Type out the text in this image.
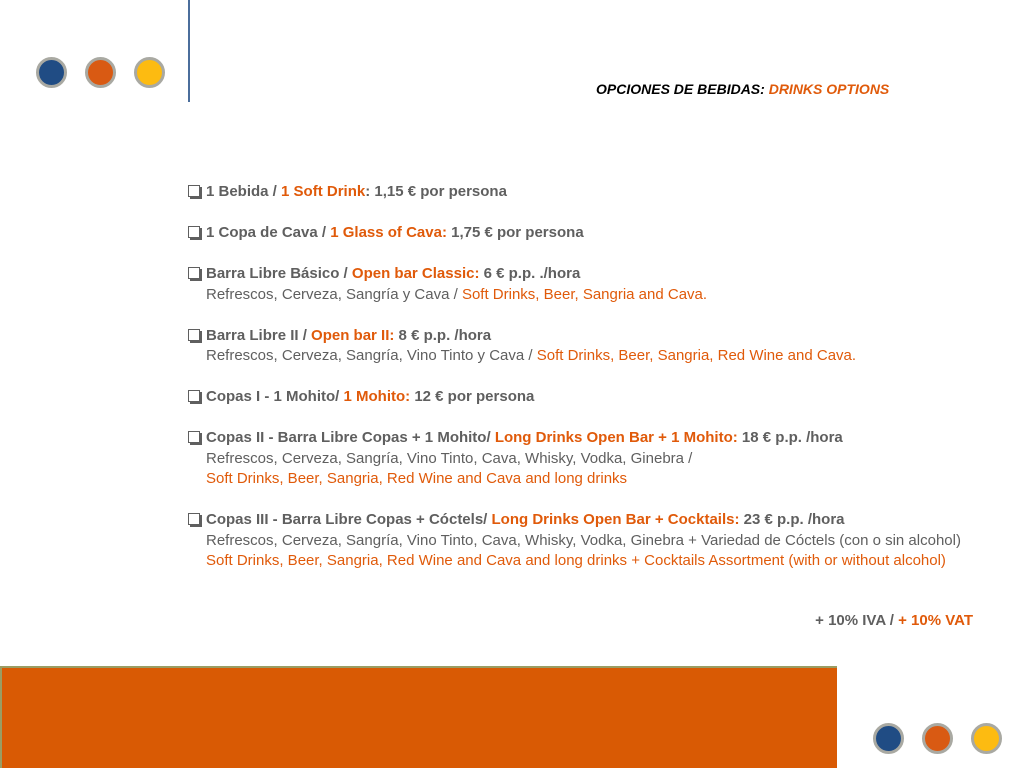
OPCIONES DE BEBIDAS: DRINKS OPTIONS
1 Bebida / 1 Soft Drink: 1,15 € por persona
1 Copa de Cava / 1 Glass of Cava: 1,75 € por persona
Barra Libre Básico / Open bar Classic: 6 € p.p. ./hora
Refrescos, Cerveza, Sangría y Cava / Soft Drinks, Beer, Sangria and Cava.
Barra Libre II / Open bar II: 8 € p.p. /hora
Refrescos, Cerveza, Sangría, Vino Tinto y Cava / Soft Drinks, Beer, Sangria, Red Wine and Cava.
Copas I - 1 Mohito/ 1 Mohito: 12 € por persona
Copas II - Barra Libre Copas + 1 Mohito/ Long Drinks Open Bar + 1 Mohito: 18 € p.p. /hora
Refrescos, Cerveza, Sangría, Vino Tinto, Cava, Whisky, Vodka, Ginebra /
Soft Drinks, Beer, Sangria, Red Wine and Cava and long drinks
Copas III - Barra Libre Copas + Cóctels/ Long Drinks Open Bar + Cocktails: 23 € p.p. /hora
Refrescos, Cerveza, Sangría, Vino Tinto, Cava, Whisky, Vodka, Ginebra + Variedad de Cóctels (con o sin alcohol)
Soft Drinks, Beer, Sangria, Red Wine and Cava and long drinks + Cocktails Assortment (with or without alcohol)
+ 10% IVA / + 10% VAT
